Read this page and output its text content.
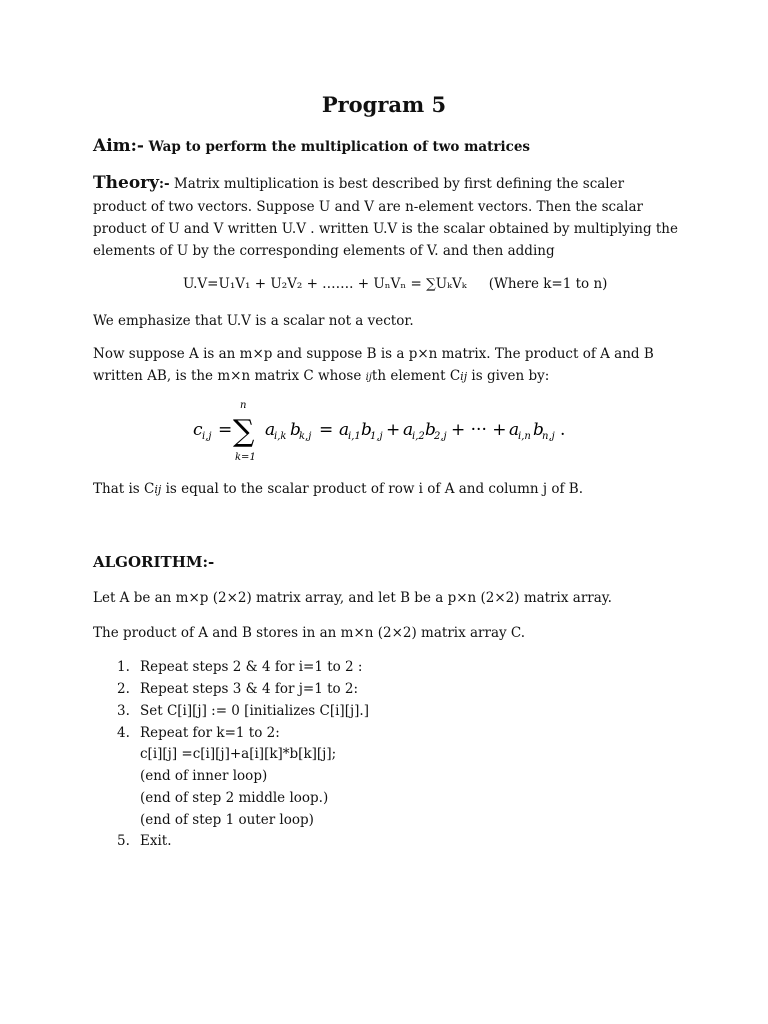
Program 5
Aim:- Wap to perform the multiplication of two matrices
Theory:- Matrix multiplication is best described by first defining the scaler
product of two vectors. Suppose U and V are n-element vectors. Then the scalar
product of U and V written U.V . written U.V is the scalar obtained by multiplying the
elements of U by the corresponding elements of V. and then adding
U.V=U₁V₁ + U₂V₂ + ……. + UₙVₙ = ∑UₖVₖ (Where k=1 to n)
We emphasize that U.V is a scalar not a vector.
Now suppose A is an m×p and suppose B is a p×n matrix. The product of A and B
written AB, is the m×n matrix C whose ijth element Cij is given by:
c i,j =
n
∑
k=1
a
i,k b
k,j = a
i,1 b
1,j + a
i,2 b
2,j + ··· + a
i,n b
n,j .
That is Cij is equal to the scalar product of row i of A and column j of B.
ALGORITHM:-
Let A be an m×p (2×2) matrix array, and let B be a p×n (2×2) matrix array.
The product of A and B stores in an m×n (2×2) matrix array C.
1. Repeat steps 2 & 4 for i=1 to 2 :
2. Repeat steps 3 & 4 for j=1 to 2:
3. Set C[i][j] := 0 [initializes C[i][j].]
4. Repeat for k=1 to 2:
c[i][j] =c[i][j]+a[i][k]*b[k][j];
(end of inner loop)
(end of step 2 middle loop.)
(end of step 1 outer loop)
5. Exit.
